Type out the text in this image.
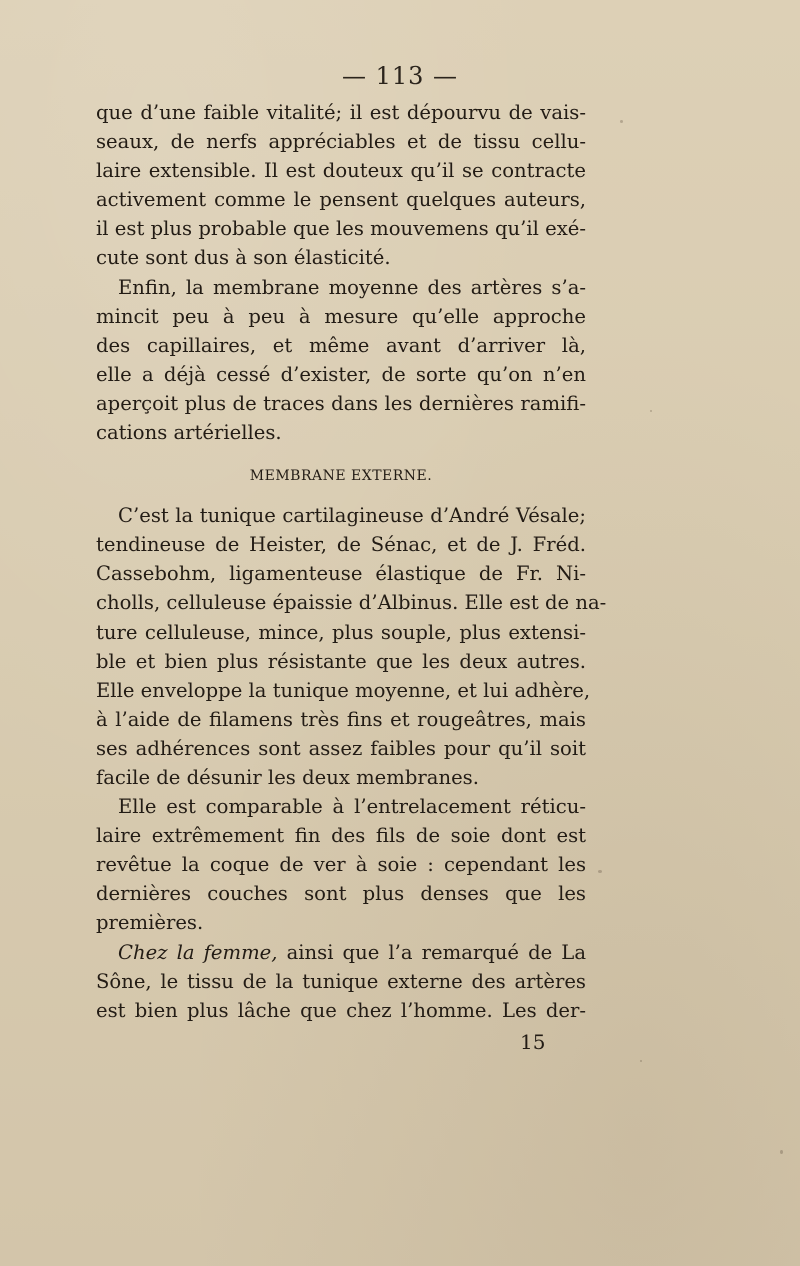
— 113 —
que d’une faible vitalité; il est dépourvu de vais-
seaux, de nerfs appréciables et de tissu cellu-
laire extensible. Il est douteux qu’il se contracte
activement comme le pensent quelques auteurs,
il est plus probable que les mouvemens qu’il exé-
cute sont dus à son élasticité.
Enfin, la membrane moyenne des artères s’a-
mincit peu à peu à mesure qu’elle approche
des capillaires, et même avant d’arriver là,
elle a déjà cessé d’exister, de sorte qu’on n’en
aperçoit plus de traces dans les dernières ramifi-
cations artérielles.
MEMBRANE EXTERNE.
C’est la tunique cartilagineuse d’André Vésale;
tendineuse de Heister, de Sénac, et de J. Fréd.
Cassebohm, ligamenteuse élastique de Fr. Ni-
cholls, celluleuse épaissie d’Albinus. Elle est de na-
ture celluleuse, mince, plus souple, plus extensi-
ble et bien plus résistante que les deux autres.
Elle enveloppe la tunique moyenne, et lui adhère,
à l’aide de filamens très fins et rougeâtres, mais
ses adhérences sont assez faibles pour qu’il soit
facile de désunir les deux membranes.
Elle est comparable à l’entrelacement réticu-
laire extrêmement fin des fils de soie dont est
revêtue la coque de ver à soie : cependant les
dernières couches sont plus denses que les
premières.
Chez la femme, ainsi que l’a remarqué de La
Sône, le tissu de la tunique externe des artères
est bien plus lâche que chez l’homme. Les der-
15
